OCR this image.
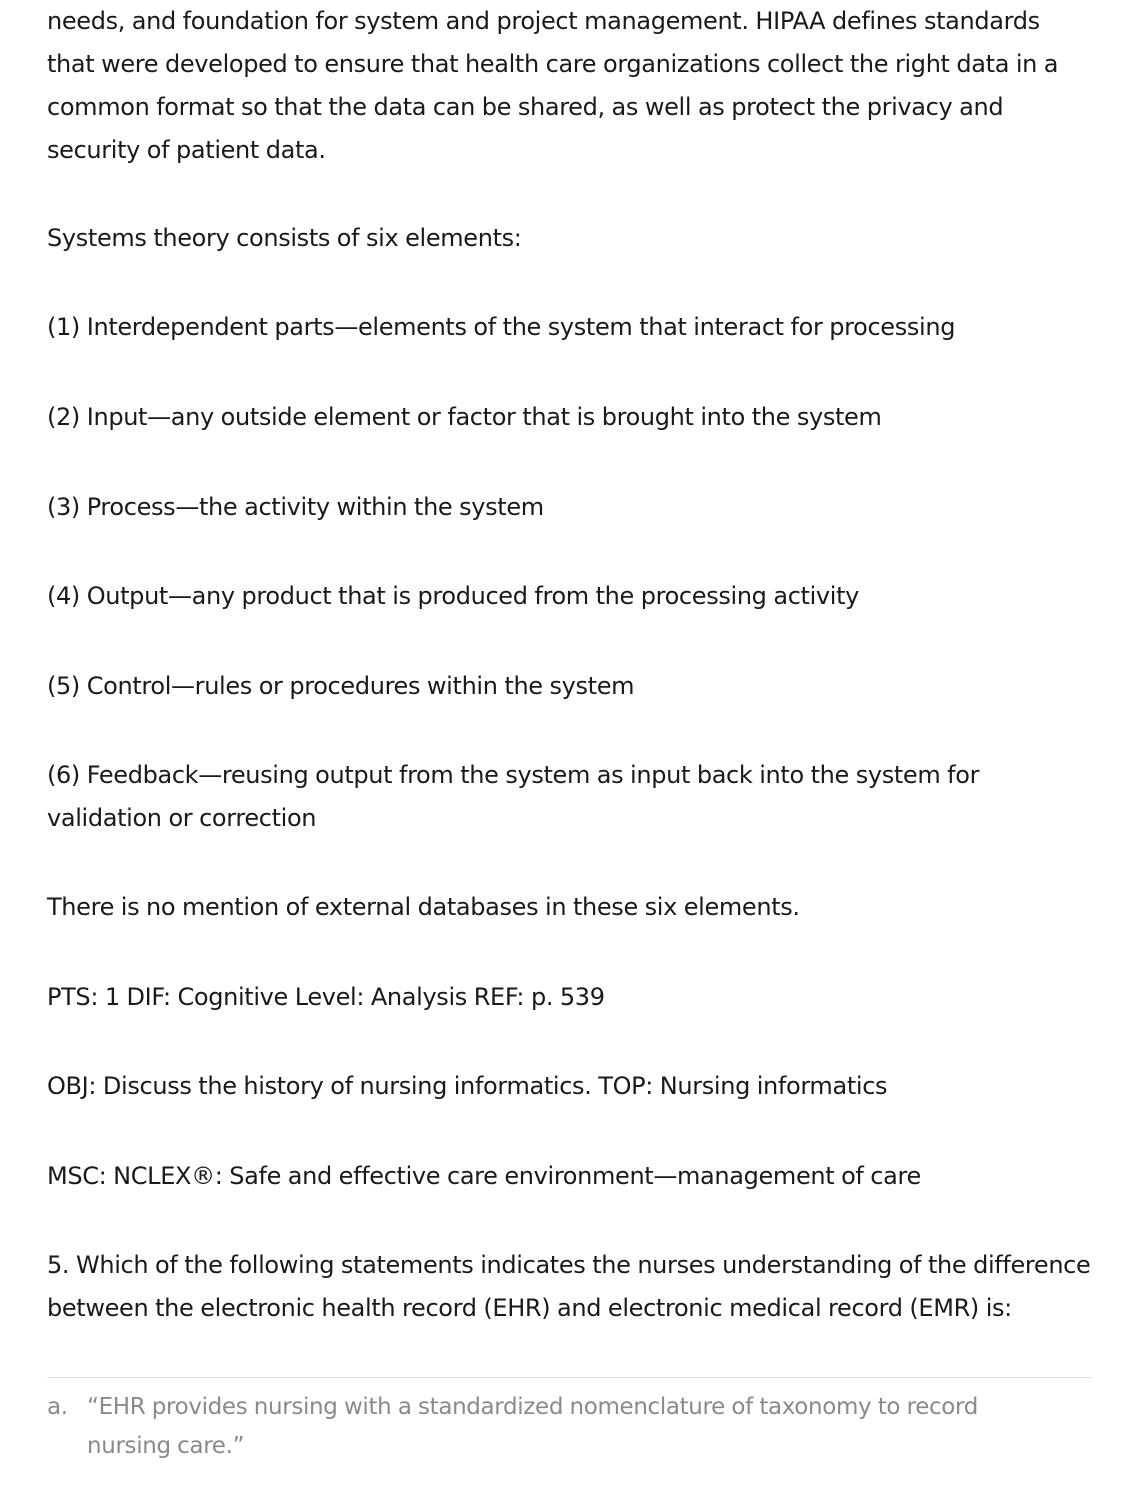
needs, and foundation for system and project management. HIPAA defines standards that were developed to ensure that health care organizations collect the right data in a common format so that the data can be shared, as well as protect the privacy and security of patient data.

Systems theory consists of six elements:

(1) Interdependent parts—elements of the system that interact for processing

(2) Input—any outside element or factor that is brought into the system

(3) Process—the activity within the system

(4) Output—any product that is produced from the processing activity

(5) Control—rules or procedures within the system

(6) Feedback—reusing output from the system as input back into the system for validation or correction

There is no mention of external databases in these six elements.

PTS: 1 DIF: Cognitive Level: Analysis REF: p. 539

OBJ: Discuss the history of nursing informatics. TOP: Nursing informatics

MSC: NCLEX®: Safe and effective care environment—management of care

5. Which of the following statements indicates the nurses understanding of the difference between the electronic health record (EHR) and electronic medical record (EMR) is:

a. “EHR provides nursing with a standardized nomenclature of taxonomy to record nursing care.”
